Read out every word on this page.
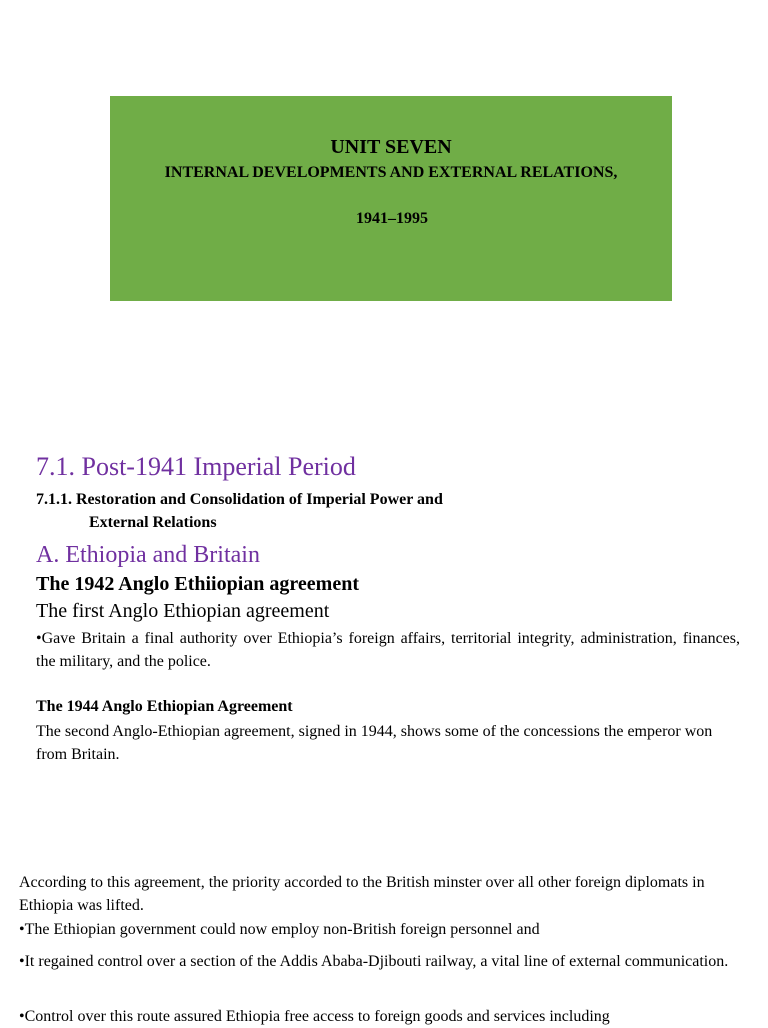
UNIT SEVEN
INTERNAL DEVELOPMENTS AND EXTERNAL RELATIONS,
1941–1995
7.1. Post-1941 Imperial Period
7.1.1. Restoration and Consolidation of Imperial Power and
External Relations
A. Ethiopia and Britain
The 1942 Anglo Ethiiopian agreement
The first Anglo Ethiopian agreement
•Gave Britain a final authority over Ethiopia’s foreign affairs, territorial integrity, administration, finances, the military, and the police.
The 1944 Anglo Ethiopian Agreement
The second Anglo-Ethiopian agreement, signed in 1944, shows some of the concessions the emperor won from Britain.
According to this agreement, the priority accorded to the British minster over all other foreign diplomats in Ethiopia was lifted.
•The Ethiopian government could now employ non-British foreign personnel and
•It regained control over a section of the Addis Ababa-Djibouti railway, a vital line of external communication.
•Control over this route assured Ethiopia free access to foreign goods and services including
